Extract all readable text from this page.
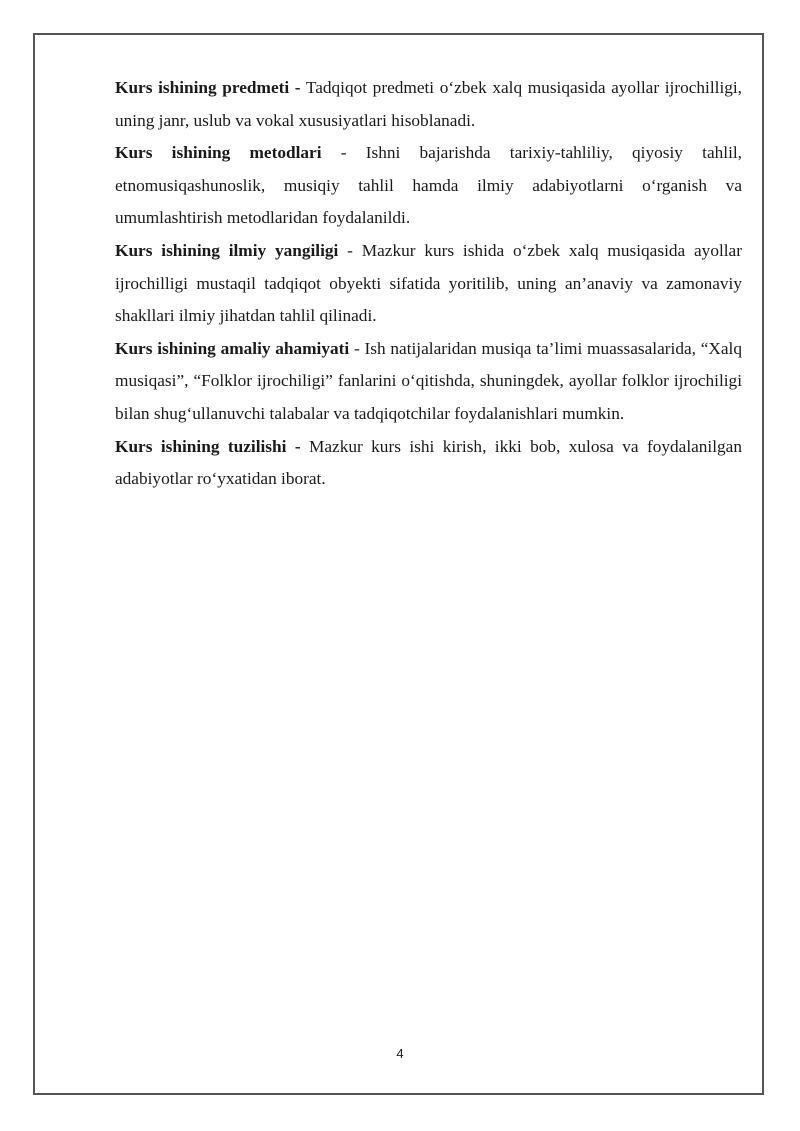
Kurs ishining predmeti - Tadqiqot predmeti o‘zbek xalq musiqasida ayollar ijrochilligi, uning janr, uslub va vokal xususiyatlari hisoblanadi.

Kurs ishining metodlari - Ishni bajarishda tarixiy-tahliliy, qiyosiy tahlil, etnomusiqashunoslik, musiqiy tahlil hamda ilmiy adabiyotlarni o‘rganish va umumlashtirish metodlaridan foydalanildi.

Kurs ishining ilmiy yangiligi - Mazkur kurs ishida o‘zbek xalq musiqasida ayollar ijrochilligi mustaqil tadqiqot obyekti sifatida yoritilib, uning an’anaviy va zamonaviy shakllari ilmiy jihatdan tahlil qilinadi.

Kurs ishining amaliy ahamiyati - Ish natijalaridan musiqa ta’limi muassasalarida, “Xalq musiqasi”, “Folklor ijrochiligi” fanlarini o‘qitishda, shuningdek, ayollar folklor ijrochiligi bilan shug‘ullanuvchi talabalar va tadqiqotchilar foydalanishlari mumkin.

Kurs ishining tuzilishi - Mazkur kurs ishi kirish, ikki bob, xulosa va foydalanilgan adabiyotlar ro‘yxatidan iborat.

4
